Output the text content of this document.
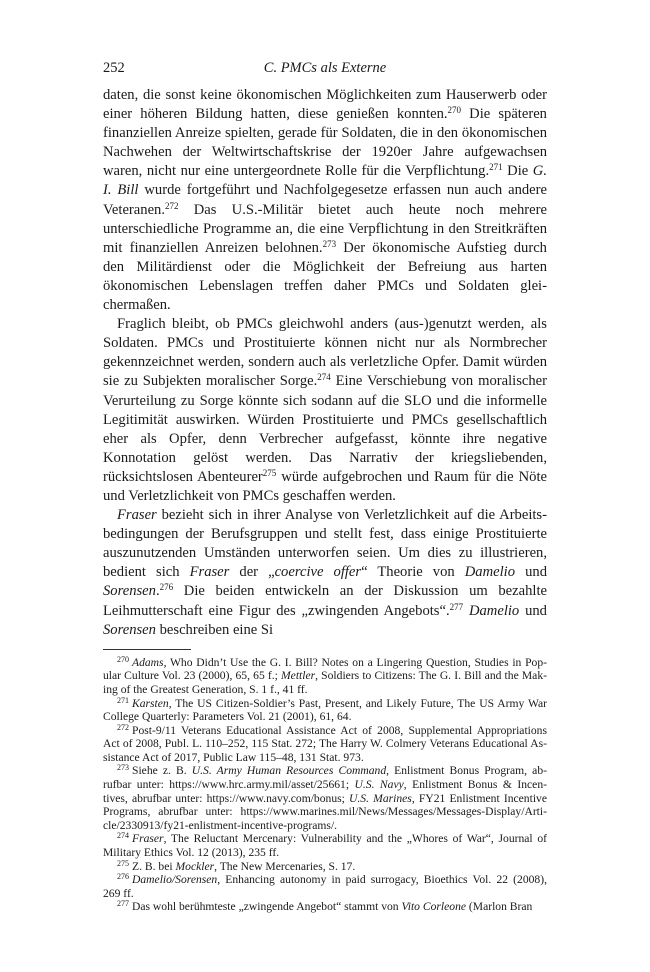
252	C. PMCs als Externe

daten, die sonst keine ökonomischen Möglichkeiten zum Hauserwerb oder einer höheren Bildung hatten, diese genießen konnten.$^{270}$ Die späteren finanziellen Anreize spielten, gerade für Soldaten, die in den ökonomischen Nachwehen der Weltwirtschaftskrise der 1920er Jahre aufgewachsen waren, nicht nur eine untergeordnete Rolle für die Verpflichtung.$^{271}$ Die G. I. Bill wurde fortgeführt und Nachfolgegesetze erfassen nun auch andere Veteranen.$^{272}$ Das U.S.-Militär bietet auch heute noch mehrere unterschiedliche Programme an, die eine Verpflichtung in den Streitkräften mit finanziellen Anreizen belohnen.$^{273}$ Der ökonomische Aufstieg durch den Militärdienst oder die Möglichkeit der Befreiung aus harten ökonomischen Lebenslagen treffen daher PMCs und Soldaten gleichermaßen.

Fraglich bleibt, ob PMCs gleichwohl anders (aus-)genutzt werden, als Soldaten. PMCs und Prostituierte können nicht nur als Normbrecher gekennzeichnet werden, sondern auch als verletzliche Opfer. Damit würden sie zu Subjekten moralischer Sorge.$^{274}$ Eine Verschiebung von moralischer Verurteilung zu Sorge könnte sich sodann auf die SLO und die informelle Legitimität auswirken. Würden Prostituierte und PMCs gesellschaftlich eher als Opfer, denn Verbrecher aufgefasst, könnte ihre negative Konnotation gelöst werden. Das Narrativ der kriegsliebenden, rücksichtslosen Abenteurer$^{275}$ würde aufgebrochen und Raum für die Nöte und Verletzlichkeit von PMCs geschaffen werden.

Fraser bezieht sich in ihrer Analyse von Verletzlichkeit auf die Arbeitsbedingungen der Berufsgruppen und stellt fest, dass einige Prostituierte auszunutzenden Umständen unterworfen seien. Um dies zu illustrieren, bedient sich Fraser der „coercive offer“ Theorie von Damelio und Sorensen.$^{276}$ Die beiden entwickeln an der Diskussion um bezahlte Leihmutterschaft eine Figur des „zwingenden Angebots“.$^{277}$ Damelio und Sorensen beschreiben eine Si

$^{270}$ Adams, Who Didn’t Use the G. I. Bill? Notes on a Lingering Question, Studies in Popular Culture Vol. 23 (2000), 65, 65 f.; Mettler, Soldiers to Citizens: The G. I. Bill and the Making of the Greatest Generation, S. 1 f., 41 ff.

$^{271}$ Karsten, The US Citizen-Soldier’s Past, Present, and Likely Future, The US Army War College Quarterly: Parameters Vol. 21 (2001), 61, 64.

$^{272}$ Post-9/11 Veterans Educational Assistance Act of 2008, Supplemental Appropriations Act of 2008, Publ. L. 110–252, 115 Stat. 272; The Harry W. Colmery Veterans Educational Assistance Act of 2017, Public Law 115–48, 131 Stat. 973.

$^{273}$ Siehe z. B. U.S. Army Human Resources Command, Enlistment Bonus Program, abrufbar unter: https://www.hrc.army.mil/asset/25661; U.S. Navy, Enlistment Bonus & Incentives, abrufbar unter: https://www.navy.com/bonus; U.S. Marines, FY21 Enlistment Incentive Programs, abrufbar unter: https://www.marines.mil/News/Messages/Messages-Display/Article/2330913/fy21-enlistment-incentive-programs/.

$^{274}$ Fraser, The Reluctant Mercenary: Vulnerability and the „Whores of War“, Journal of Military Ethics Vol. 12 (2013), 235 ff.

$^{275}$ Z. B. bei Mockler, The New Mercenaries, S. 17.

$^{276}$ Damelio/Sorensen, Enhancing autonomy in paid surrogacy, Bioethics Vol. 22 (2008), 269 ff.

$^{277}$ Das wohl berühmteste „zwingende Angebot“ stammt von Vito Corleone (Marlon Bran
